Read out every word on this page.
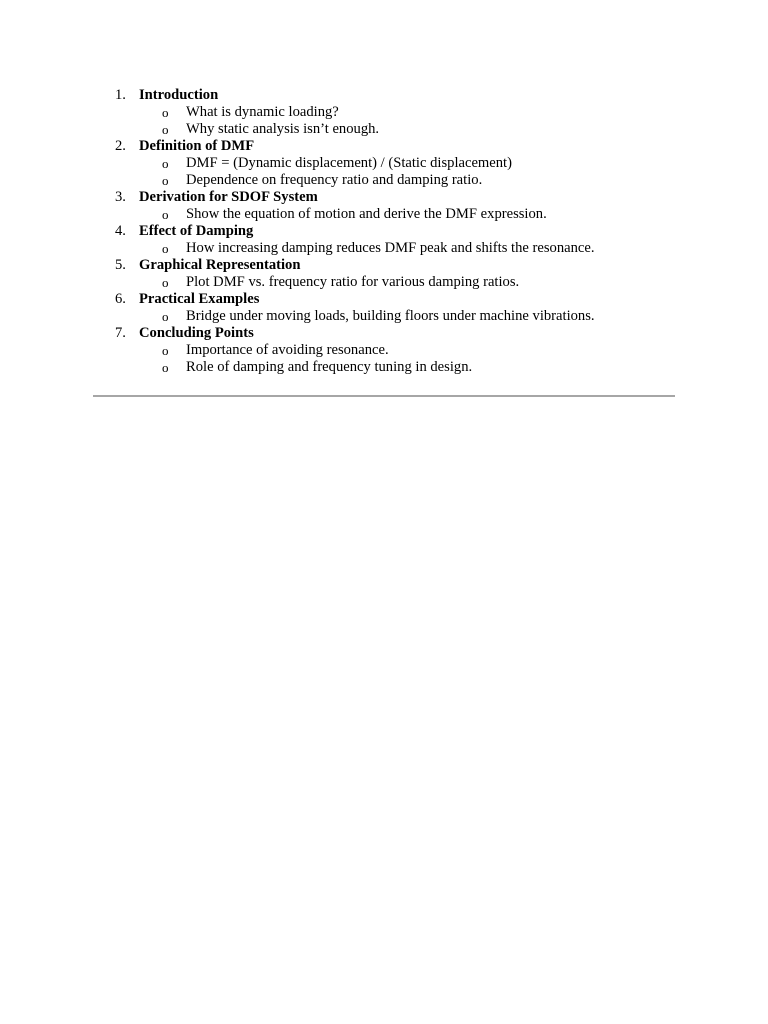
1. Introduction
o What is dynamic loading?
o Why static analysis isn’t enough.
2. Definition of DMF
o DMF = (Dynamic displacement) / (Static displacement)
o Dependence on frequency ratio and damping ratio.
3. Derivation for SDOF System
o Show the equation of motion and derive the DMF expression.
4. Effect of Damping
o How increasing damping reduces DMF peak and shifts the resonance.
5. Graphical Representation
o Plot DMF vs. frequency ratio for various damping ratios.
6. Practical Examples
o Bridge under moving loads, building floors under machine vibrations.
7. Concluding Points
o Importance of avoiding resonance.
o Role of damping and frequency tuning in design.
